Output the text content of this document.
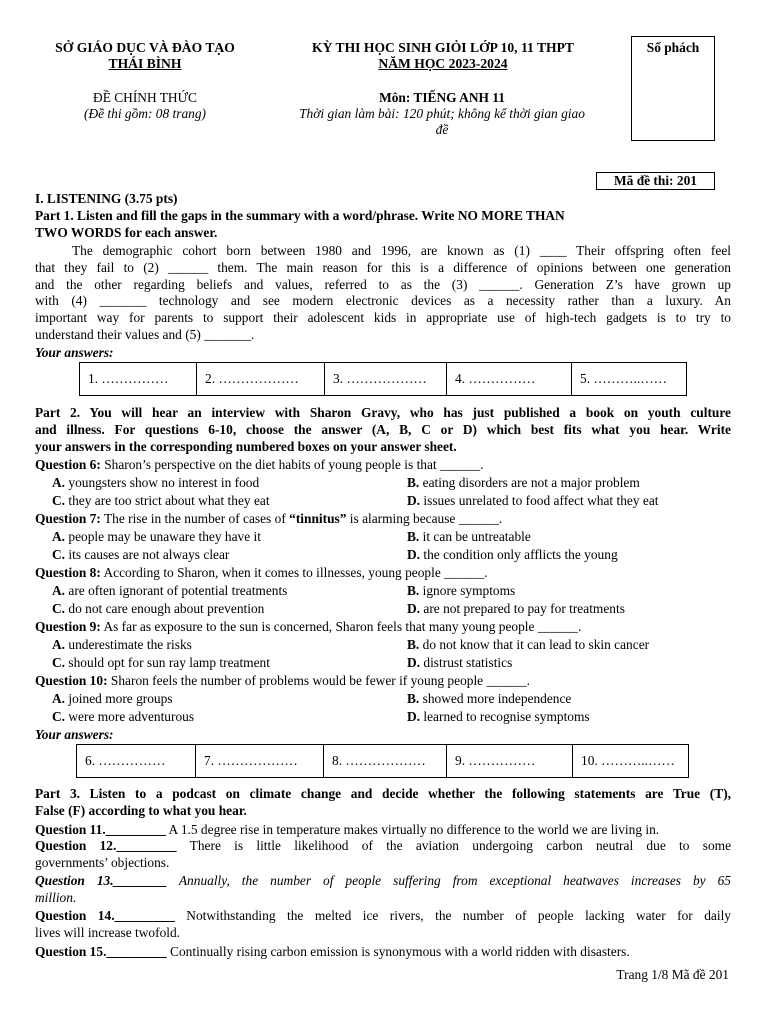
SỞ GIÁO DỤC VÀ ĐÀO TẠO
THÁI BÌNH
KỲ THI HỌC SINH GIỎI LỚP 10, 11 THPT
NĂM HỌC 2023-2024
Số phách
ĐỀ CHÍNH THỨC
(Đề thi gồm: 08 trang)
Môn: TIẾNG ANH 11
Thời gian làm bài: 120 phút; không kể thời gian giao
đề
Mã đề thi: 201
I. LISTENING (3.75 pts)
Part 1. Listen and fill the gaps in the summary with a word/phrase. Write NO MORE THAN
TWO WORDS for each answer.
The demographic cohort born between 1980 and 1996, are known as (1) ____ Their offspring often feel
that they fail to (2) ______ them. The main reason for this is a difference of opinions between one generation
and the other regarding beliefs and values, referred to as the (3) ______. Generation Z’s have grown up
with (4) _______ technology and see modern electronic devices as a necessity rather than a luxury. An
important way for parents to support their adolescent kids in appropriate use of high-tech gadgets is to try to
understand their values and (5) _______.
Your answers:
1. ……………	2. ………………	3. ………………	4. ……………	5. ………..……
Part 2. You will hear an interview with Sharon Gravy, who has just published a book on youth culture
and illness. For questions 6-10, choose the answer (A, B, C or D) which best fits what you hear. Write
your answers in the corresponding numbered boxes on your answer sheet.
Question 6: Sharon’s perspective on the diet habits of young people is that ______.
A. youngsters show no interest in food	B. eating disorders are not a major problem
C. they are too strict about what they eat	D. issues unrelated to food affect what they eat
Question 7: The rise in the number of cases of “tinnitus” is alarming because ______.
A. people may be unaware they have it	B. it can be untreatable
C. its causes are not always clear	D. the condition only afflicts the young
Question 8: According to Sharon, when it comes to illnesses, young people ______.
A. are often ignorant of potential treatments	B. ignore symptoms
C. do not care enough about prevention	D. are not prepared to pay for treatments
Question 9: As far as exposure to the sun is concerned, Sharon feels that many young people ______.
A. underestimate the risks	B. do not know that it can lead to skin cancer
C. should opt for sun ray lamp treatment	D. distrust statistics
Question 10: Sharon feels the number of problems would be fewer if young people ______.
A. joined more groups	B. showed more independence
C. were more adventurous	D. learned to recognise symptoms
Your answers:
6. ……………	7. ………………	8. ………………	9. ……………	10. ………..……
Part 3. Listen to a podcast on climate change and decide whether the following statements are True (T),
False (F) according to what you hear.
Question 11._________ A 1.5 degree rise in temperature makes virtually no difference to the world we are living in.
Question 12._________ There is little likelihood of the aviation undergoing carbon neutral due to some
governments’ objections.
Question 13.________ Annually, the number of people suffering from exceptional heatwaves increases by 65
million.
Question 14._________ Notwithstanding the melted ice rivers, the number of people lacking water for daily
lives will increase twofold.
Question 15._________ Continually rising carbon emission is synonymous with a world ridden with disasters.
Trang 1/8 Mã đề 201
